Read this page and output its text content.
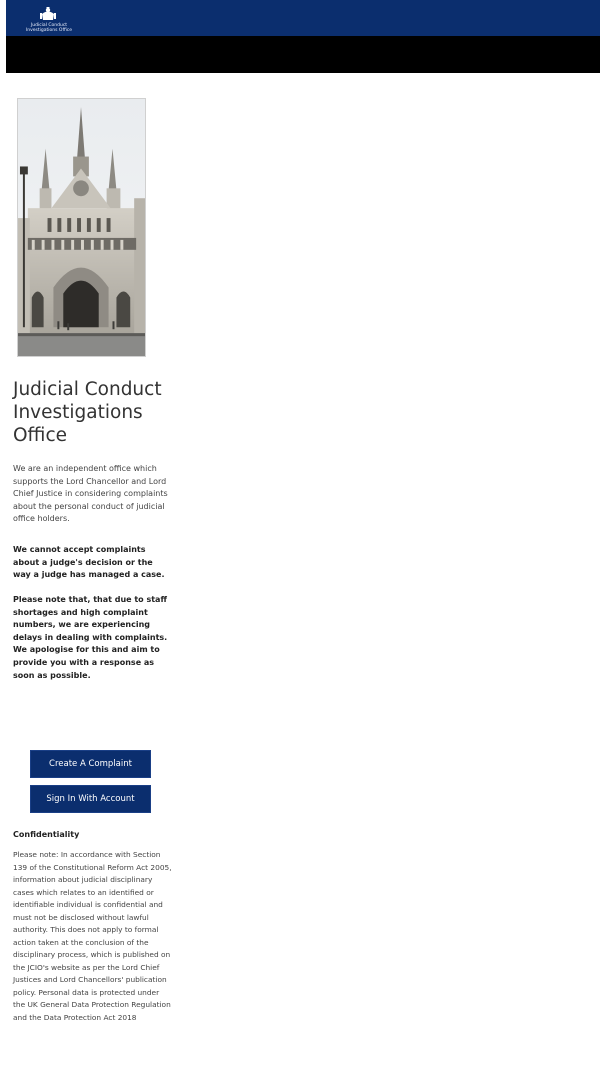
Judicial Conduct
Investigations Office
Judicial Conduct Investigations Office

We are an independent office which supports the Lord Chancellor and Lord Chief Justice in considering complaints about the personal conduct of judicial office holders.

We cannot accept complaints about a judge's decision or the way a judge has managed a case.

Please note that, that due to staff shortages and high complaint numbers, we are experiencing delays in dealing with complaints. We apologise for this and aim to provide you with a response as soon as possible.

Create A Complaint
Sign In With Account
Confidentiality

Please note: In accordance with Section 139 of the Constitutional Reform Act 2005, information about judicial disciplinary cases which relates to an identified or identifiable individual is confidential and must not be disclosed without lawful authority. This does not apply to formal action taken at the conclusion of the disciplinary process, which is published on the JCIO's website as per the Lord Chief Justices and Lord Chancellors' publication policy. Personal data is protected under the UK General Data Protection Regulation and the Data Protection Act 2018
